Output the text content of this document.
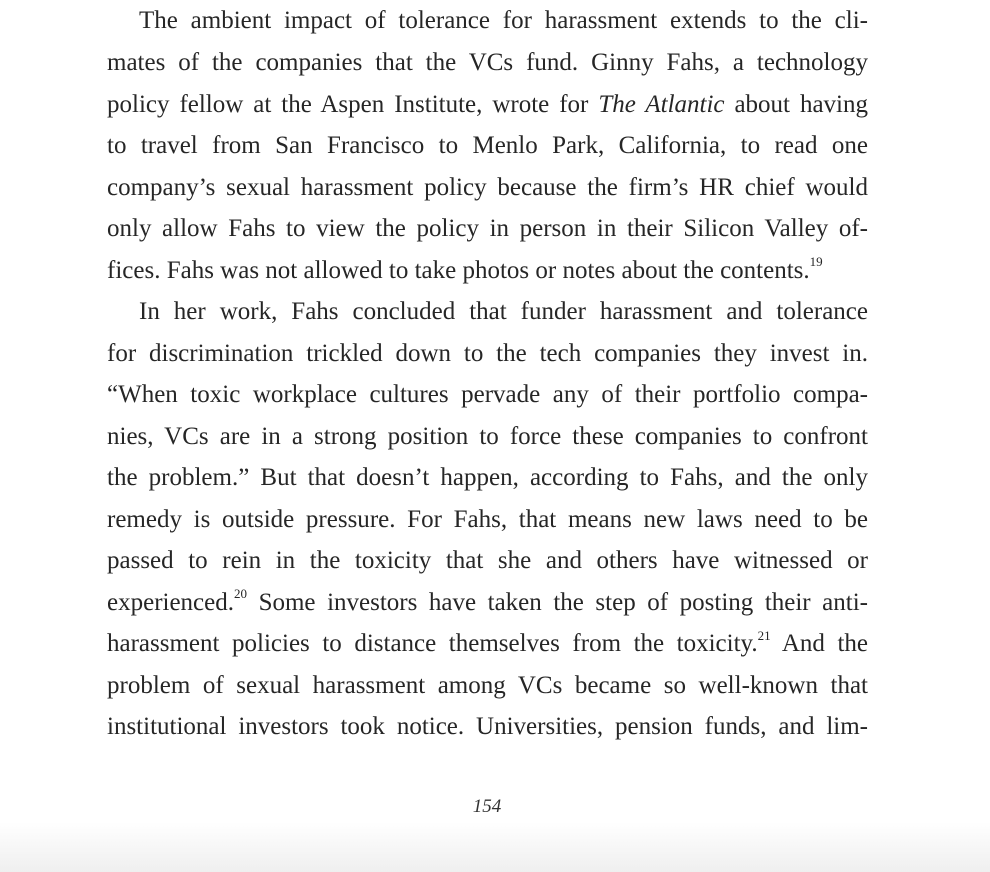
The ambient impact of tolerance for harassment extends to the cli-
mates of the companies that the VCs fund. Ginny Fahs, a technology
policy fellow at the Aspen Institute, wrote for The Atlantic about having
to travel from San Francisco to Menlo Park, California, to read one
company’s sexual harassment policy because the firm’s HR chief would
only allow Fahs to view the policy in person in their Silicon Valley of-
fices. Fahs was not allowed to take photos or notes about the contents.$^{19}$
In her work, Fahs concluded that funder harassment and tolerance
for discrimination trickled down to the tech companies they invest in.
“When toxic workplace cultures pervade any of their portfolio compa-
nies, VCs are in a strong position to force these companies to confront
the problem.” But that doesn’t happen, according to Fahs, and the only
remedy is outside pressure. For Fahs, that means new laws need to be
passed to rein in the toxicity that she and others have witnessed or
experienced.$^{20}$ Some investors have taken the step of posting their anti-
harassment policies to distance themselves from the toxicity.$^{21}$ And the
problem of sexual harassment among VCs became so well-known that
institutional investors took notice. Universities, pension funds, and lim-
154
